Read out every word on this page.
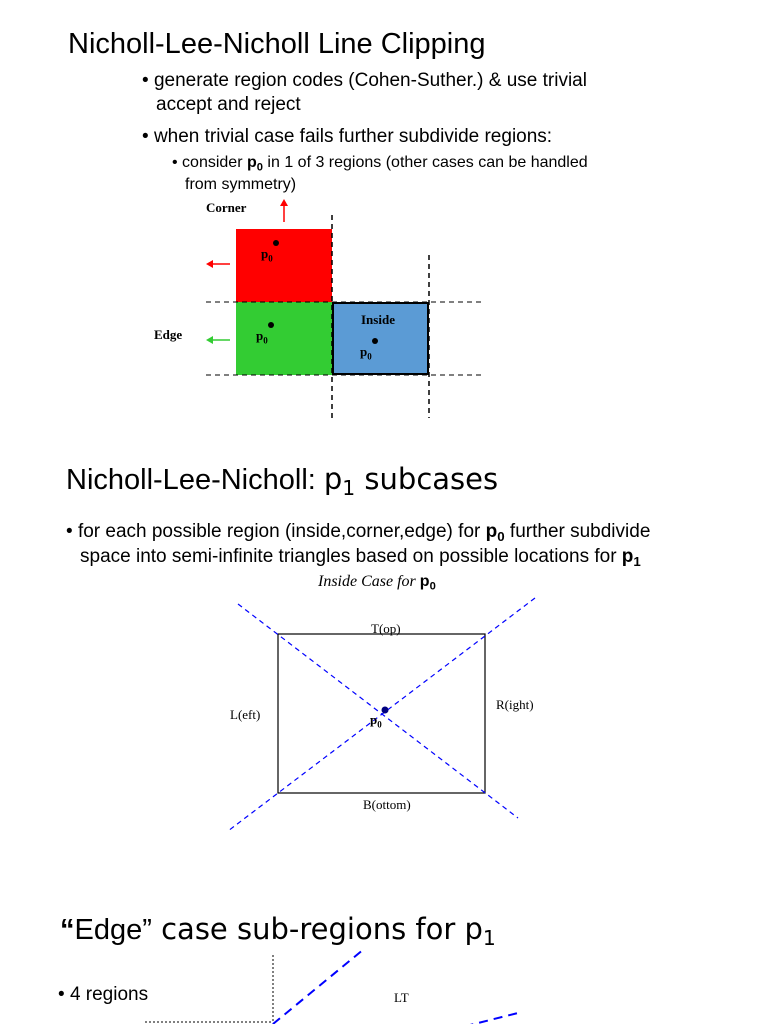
Nicholl-Lee-Nicholl Line Clipping
• generate region codes (Cohen-Suther.) & use trivial
accept and reject
• when trivial case fails further subdivide regions:
• consider $p_0$ in 1 of 3 regions (other cases can be handled
from symmetry)
Corner
Edge
Inside
$p_0$
$p_0$
$p_0$
Nicholl-Lee-Nicholl: $p_1$ subcases
• for each possible region (inside,corner,edge) for $p_0$ further subdivide
space into semi-infinite triangles based on possible locations for $p_1$
Inside Case for $p_0$
T(op)
L(eft)
R(ight)
B(ottom)
$p_0$
“Edge” case sub-regions for $p_1$
• 4 regions	LT
